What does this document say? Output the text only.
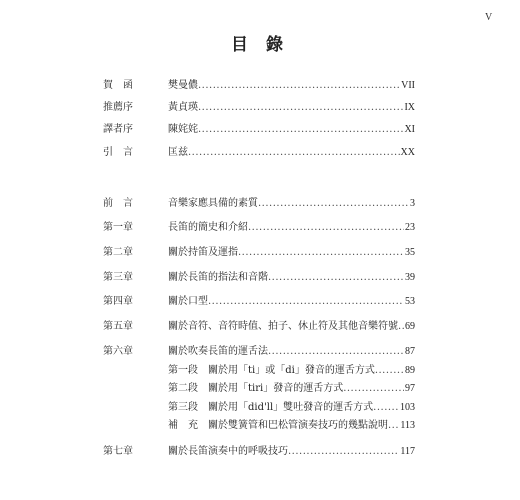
V
目 錄
賀　函	樊曼儂 .....	VII
推薦序	黃貞瑛 .....	IX
譯者序	陳姹姹 .....	XI
引　言	匡兹 .....	XX
前　言	音樂家應具備的素質 .....	3
第一章	長笛的簡史和介紹 .....	23
第二章	關於持笛及運指 .....	35
第三章	關於長笛的指法和音階 .....	39
第四章	關於口型 .....	53
第五章	關於音符、音符時值、拍子、休止符及其他音樂符號 ..... 69
第六章	關於吹奏長笛的運舌法 .....	87
第一段	關於用「ti」或「di」發音的運舌方式 .....	89
第二段	關於用「tiri」發音的運舌方式 .....	97
第三段	關於用「did'll」雙吐發音的運舌方式 .....	103
補　充	關於雙簧管和巴松管演奏技巧的幾點說明 ..... 113
第七章	關於長笛演奏中的呼吸技巧 .....	117
